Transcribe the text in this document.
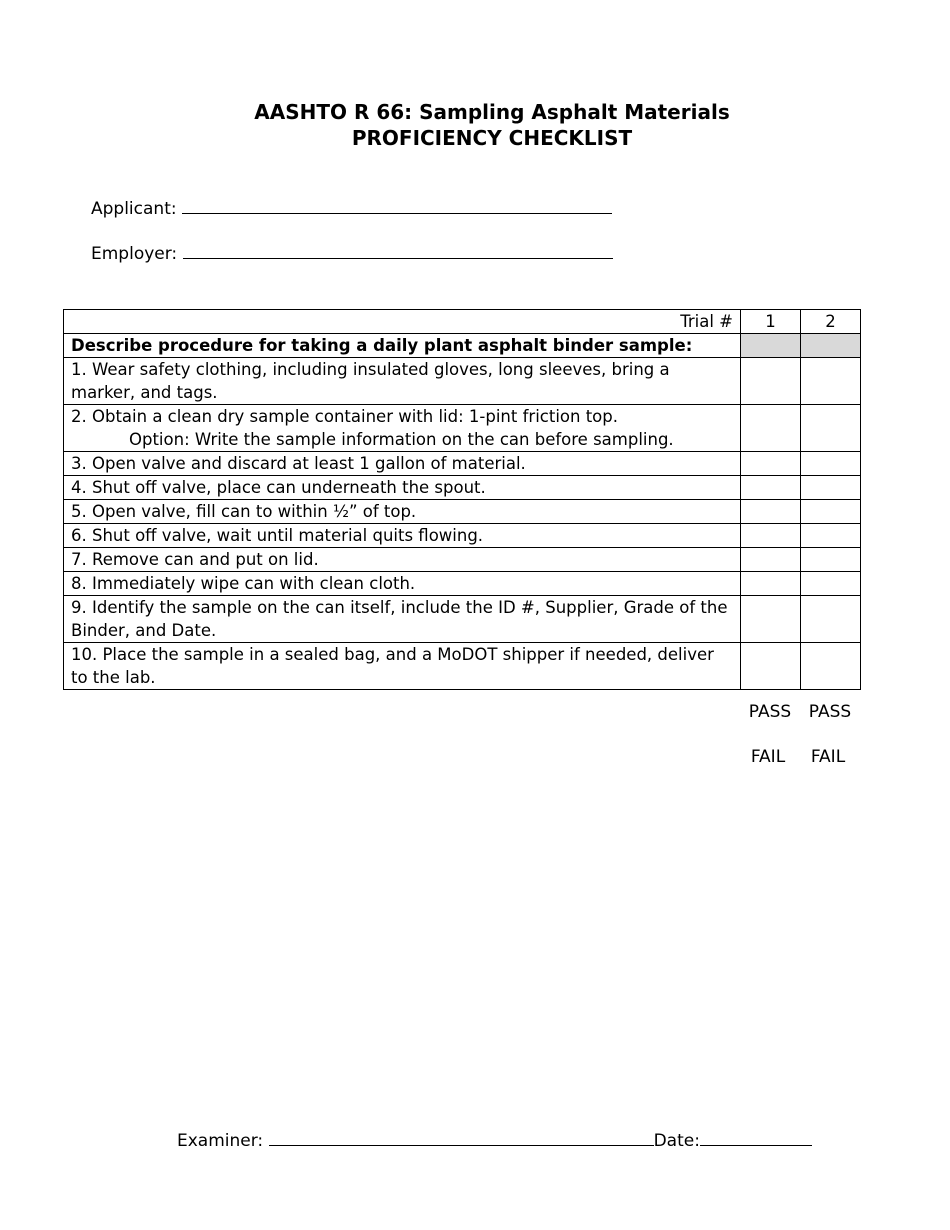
AASHTO R 66: Sampling Asphalt Materials
PROFICIENCY CHECKLIST
Applicant:
Employer:
Trial #	1	2
Describe procedure for taking a daily plant asphalt binder sample:		
1. Wear safety clothing, including insulated gloves, long sleeves, bring a marker, and tags.		
2. Obtain a clean dry sample container with lid: 1-pint friction top.
Option: Write the sample information on the can before sampling.		

3. Open valve and discard at least 1 gallon of material.		
4. Shut off valve, place can underneath the spout.		
5. Open valve, fill can to within ½” of top.		
6. Shut off valve, wait until material quits flowing.		
7. Remove can and put on lid.		
8. Immediately wipe can with clean cloth.		
9. Identify the sample on the can itself, include the ID #, Supplier, Grade of the Binder, and Date.		
10. Place the sample in a sealed bag, and a MoDOT shipper if needed, deliver to the lab.		
PASS	PASS
FAIL	FAIL
Examiner:	Date:
